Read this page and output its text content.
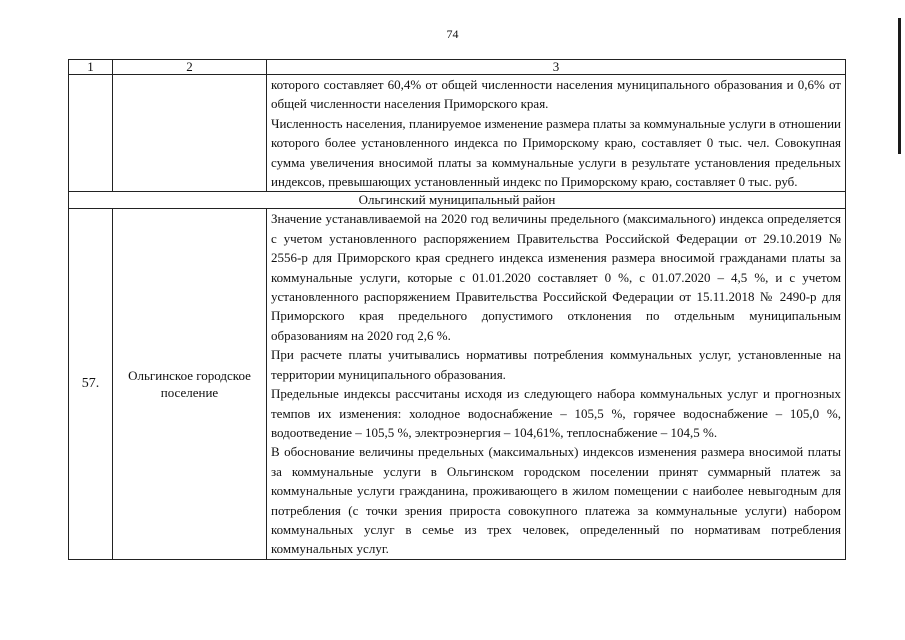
74
1	2	3

		которого составляет 60,4% от общей численности населения муниципального образования и 0,6% от общей численности населения Приморского края.

Численность населения, планируемое изменение размера платы за коммунальные услуги в отношении которого более установленного индекса по Приморскому краю, составляет 0 тыс. чел. Совокупная сумма увеличения вносимой платы за коммунальные услуги в результате установления предельных индексов, превышающих установленный индекс по Приморскому краю, составляет 0 тыс. руб.

Ольгинский муниципальный район		
57.	Ольгинское городское поселение	Значение устанавливаемой на 2020 год величины предельного (максимального) индекса определяется с учетом установленного распоряжением Правительства Российской Федерации от 29.10.2019 № 2556-р для Приморского края среднего индекса изменения размера вносимой гражданами платы за коммунальные услуги, которые с 01.01.2020 составляет 0 %, с 01.07.2020 – 4,5 %, и с учетом установленного распоряжением Правительства Российской Федерации от 15.11.2018 № 2490-р для Приморского края предельного допустимого отклонения по отдельным муниципальным образованиям на 2020 год 2,6 %.

При расчете платы учитывались нормативы потребления коммунальных услуг, установленные на территории муниципального образования.

Предельные индексы рассчитаны исходя из следующего набора коммунальных услуг и прогнозных темпов их изменения: холодное водоснабжение – 105,5 %, горячее водоснабжение – 105,0 %, водоотведение – 105,5 %, электроэнергия – 104,61%, теплоснабжение – 104,5 %.

В обоснование величины предельных (максимальных) индексов изменения размера вносимой платы за коммунальные услуги в Ольгинском городском поселении принят суммарный платеж за коммунальные услуги гражданина, проживающего в жилом помещении с наиболее невыгодным для потребления (с точки зрения прироста совокупного платежа за коммунальные услуги) набором коммунальных услуг в семье из трех человек, определенный по нормативам потребления коммунальных услуг.
